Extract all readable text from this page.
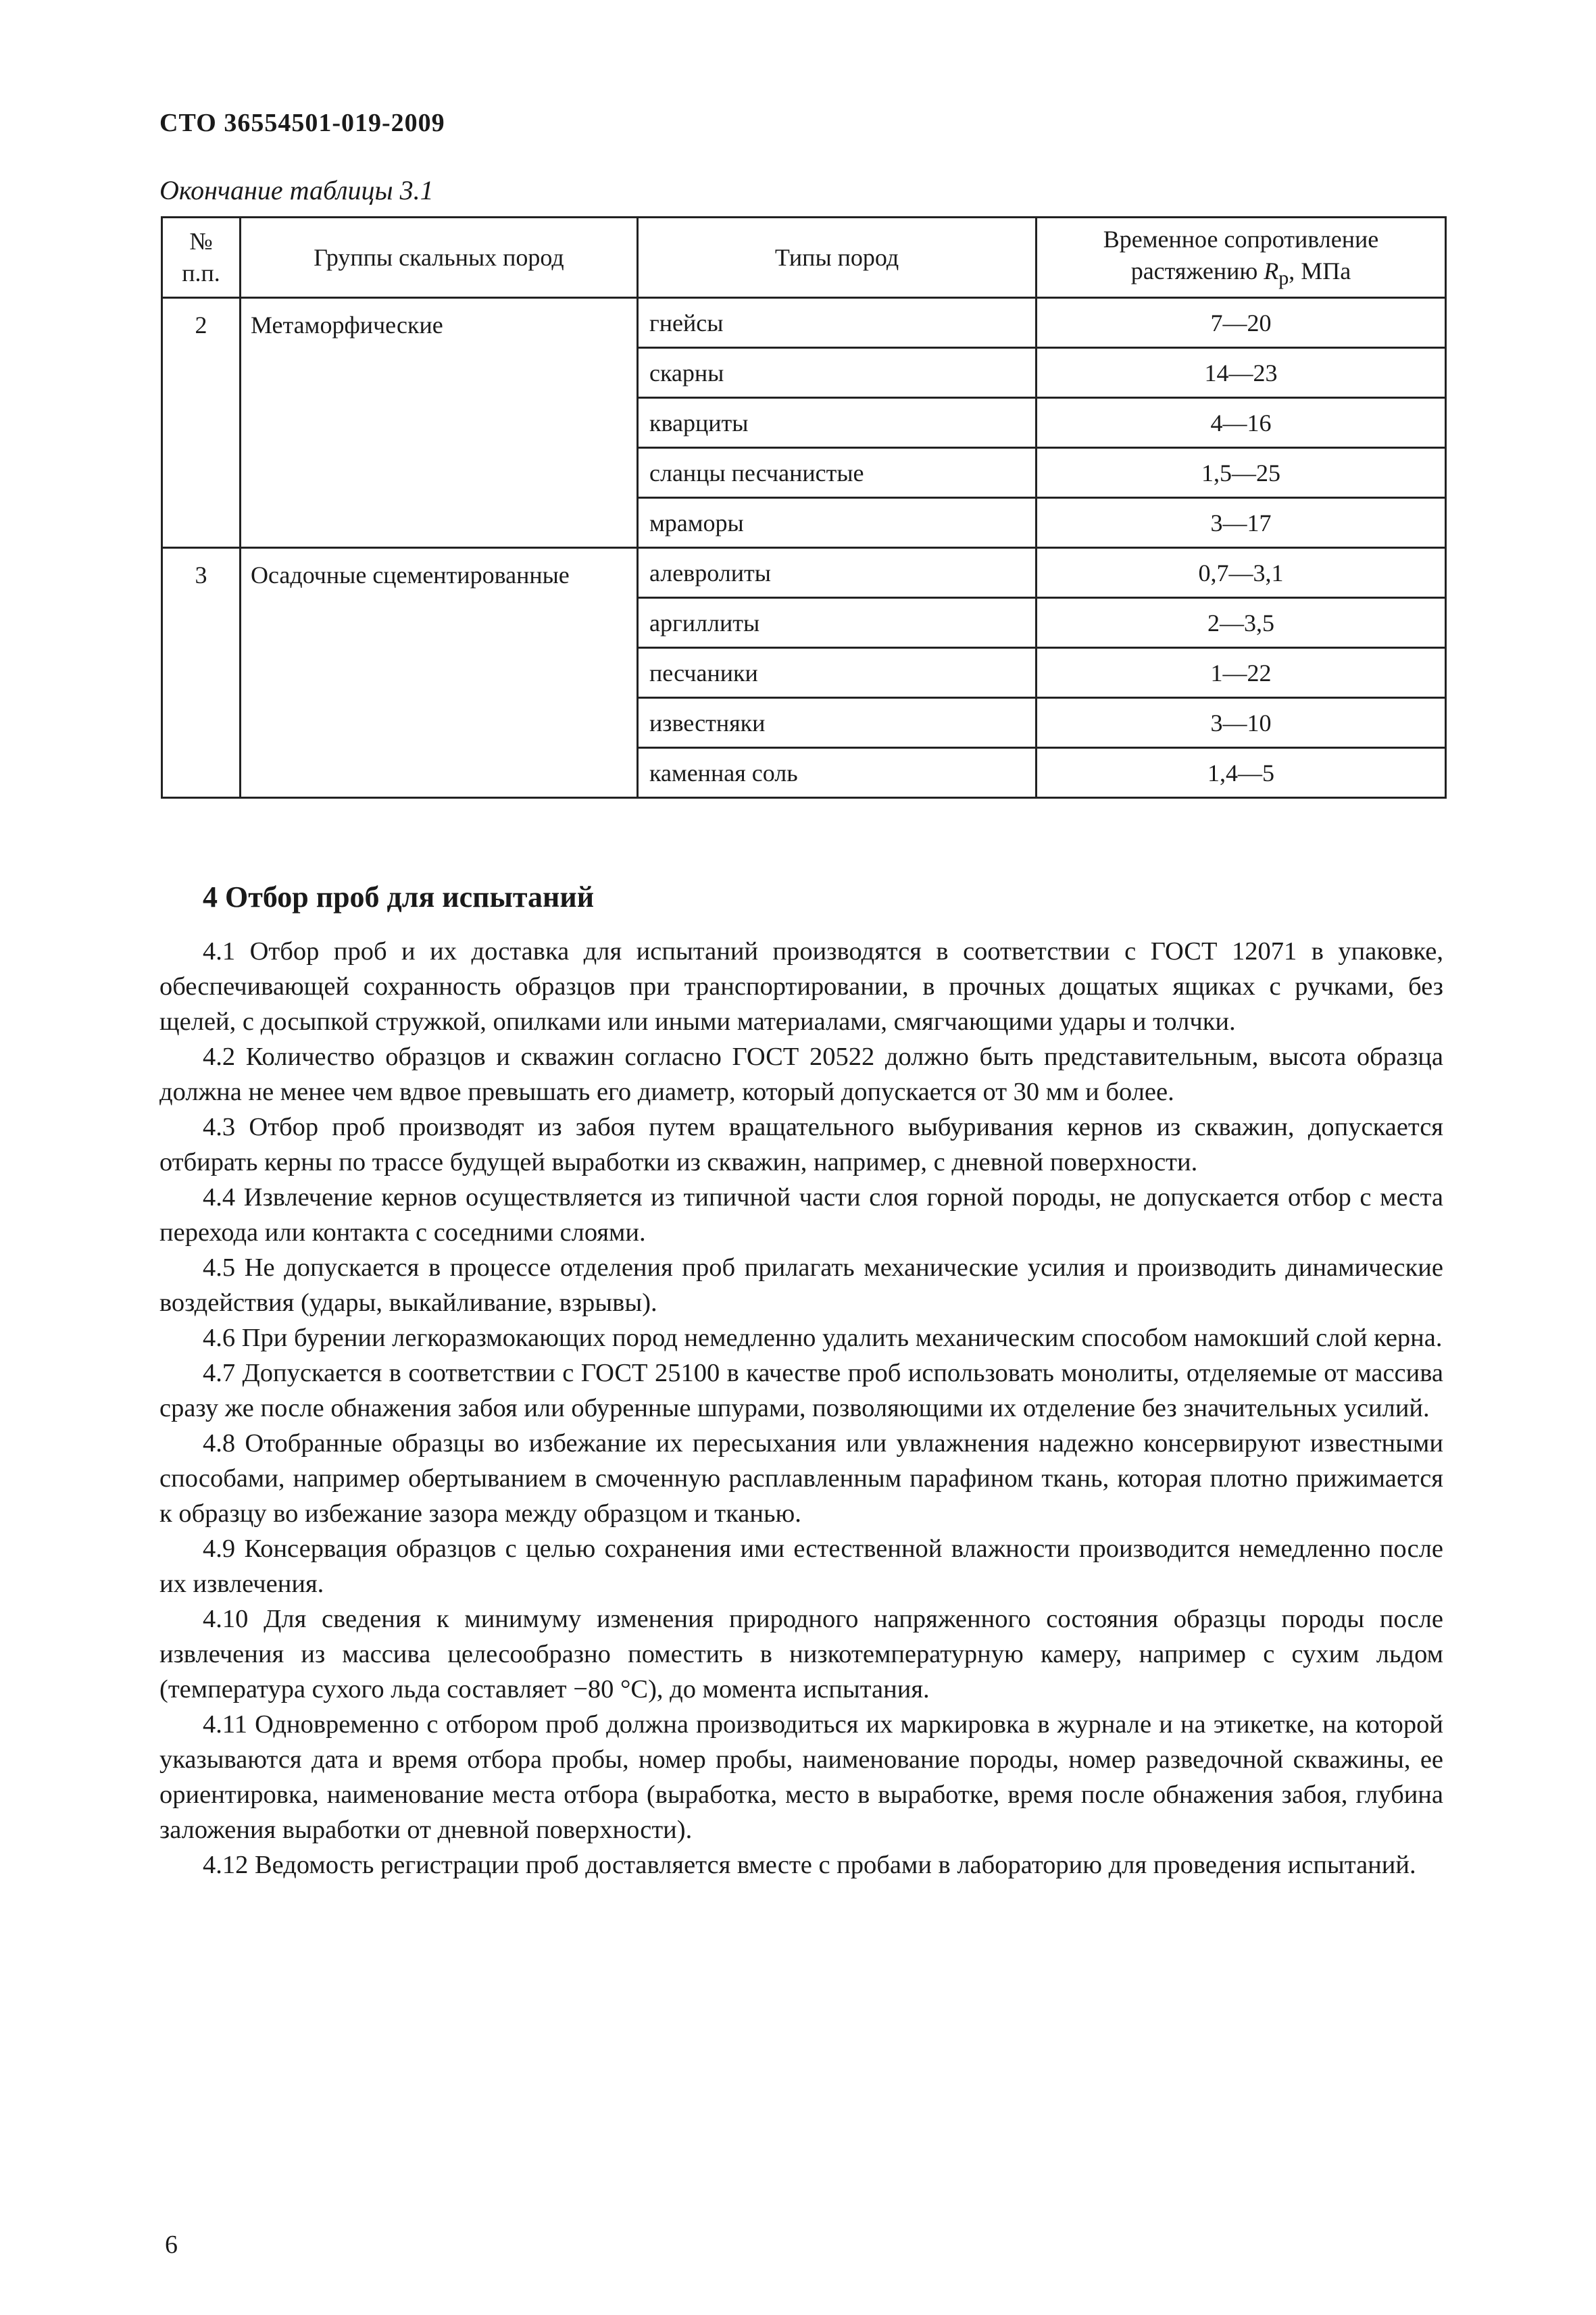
СТО 36554501-019-2009
Окончание таблицы 3.1
№
п.п.	Группы скальных пород	Типы пород	Временное сопротивление
растяжению $R_p$, МПа
2	Метаморфические	гнейсы	7—20
		скарны	14—23
		кварциты	4—16
		сланцы песчанистые	1,5—25
		мраморы	3—17
3	Осадочные сцементированные	алевролиты	0,7—3,1
		аргиллиты	2—3,5
		песчаники	1—22
		известняки	3—10
		каменная соль	1,4—5
4 Отбор проб для испытаний

4.1 Отбор проб и их доставка для испытаний производятся в соответствии с ГОСТ 12071 в упаковке, обеспечивающей сохранность образцов при транспортировании, в прочных дощатых ящиках с ручками, без щелей, с досыпкой стружкой, опилками или иными материалами, смягчающими удары и толчки.

4.2 Количество образцов и скважин согласно ГОСТ 20522 должно быть представительным, высота образца должна не менее чем вдвое превышать его диаметр, который допускается от 30 мм и более.

4.3 Отбор проб производят из забоя путем вращательного выбуривания кернов из скважин, допускается отбирать керны по трассе будущей выработки из скважин, например, с дневной поверхности.

4.4 Извлечение кернов осуществляется из типичной части слоя горной породы, не допускается отбор с места перехода или контакта с соседними слоями.

4.5 Не допускается в процессе отделения проб прилагать механические усилия и производить динамические воздействия (удары, выкайливание, взрывы).

4.6 При бурении легкоразмокающих пород немедленно удалить механическим способом намокший слой керна.

4.7 Допускается в соответствии с ГОСТ 25100 в качестве проб использовать монолиты, отделяемые от массива сразу же после обнажения забоя или обуренные шпурами, позволяющими их отделение без значительных усилий.

4.8 Отобранные образцы во избежание их пересыхания или увлажнения надежно консервируют известными способами, например обертыванием в смоченную расплавленным парафином ткань, которая плотно прижимается к образцу во избежание зазора между образцом и тканью.

4.9 Консервация образцов с целью сохранения ими естественной влажности производится немедленно после их извлечения.

4.10 Для сведения к минимуму изменения природного напряженного состояния образцы породы после извлечения из массива целесообразно поместить в низкотемпературную камеру, например с сухим льдом (температура сухого льда составляет −80 °С), до момента испытания.

4.11 Одновременно с отбором проб должна производиться их маркировка в журнале и на этикетке, на которой указываются дата и время отбора пробы, номер пробы, наименование породы, номер разведочной скважины, ее ориентировка, наименование места отбора (выработка, место в выработке, время после обнажения забоя, глубина заложения выработки от дневной поверхности).

4.12 Ведомость регистрации проб доставляется вместе с пробами в лабораторию для проведения испытаний.

6
